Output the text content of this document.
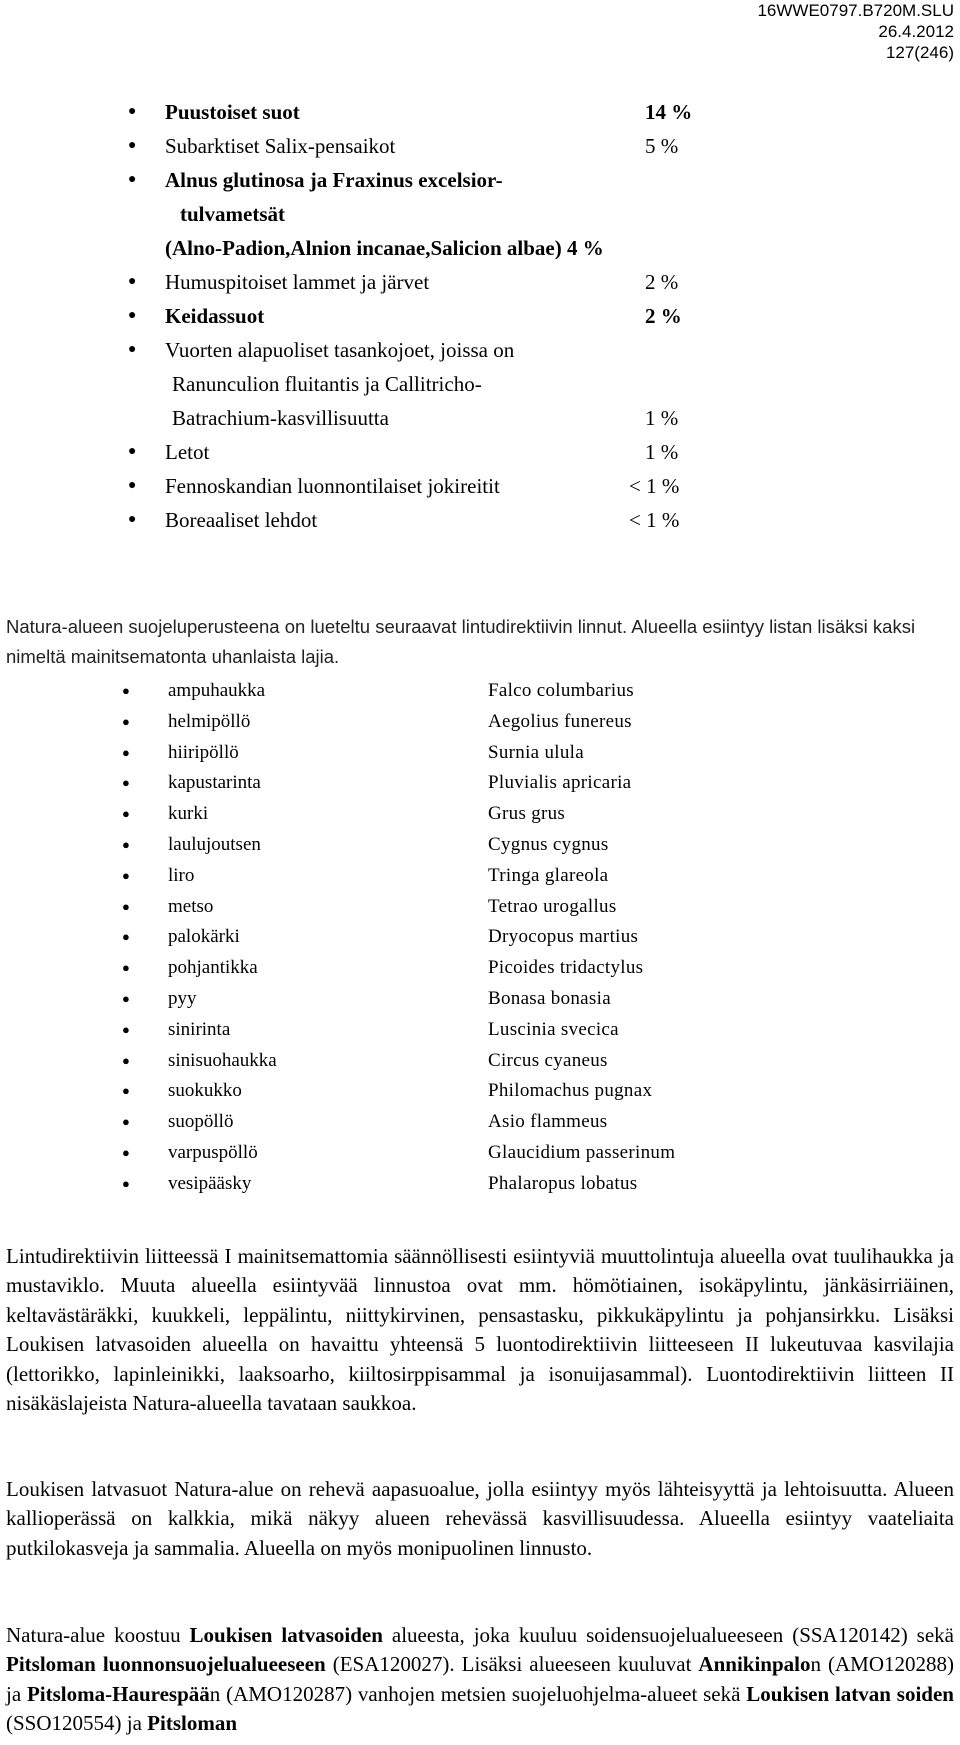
16WWE0797.B720M.SLU
26.4.2012
127(246)
● Puustoiset suot	14 %
● Subarktiset Salix-pensaikot	5 %
● Alnus glutinosa ja Fraxinus excelsior-
tulvametsät
(Alno-Padion,Alnion incanae,Salicion albae) 4 %
● Humuspitoiset lammet ja järvet	2 %
● Keidassuot	2 %
● Vuorten alapuoliset tasankojoet, joissa on
Ranunculion fluitantis ja Callitricho-
Batrachium-kasvillisuutta	1 %
● Letot	1 %
● Fennoskandian luonnontilaiset jokireitit	< 1 %
● Boreaaliset lehdot	< 1 %

Natura-alueen suojeluperusteena on lueteltu seuraavat lintudirektiivin linnut. Alueella esiintyy listan lisäksi kaksi nimeltä mainitsematonta uhanlaista lajia.

● ampuhaukka	Falco columbarius
● helmipöllö	Aegolius funereus
● hiiripöllö	Surnia ulula
● kapustarinta	Pluvialis apricaria
● kurki	Grus grus
● laulujoutsen	Cygnus cygnus
● liro	Tringa glareola
● metso	Tetrao urogallus
● palokärki	Dryocopus martius
● pohjantikka	Picoides tridactylus
● pyy	Bonasa bonasia
● sinirinta	Luscinia svecica
● sinisuohaukka	Circus cyaneus
● suokukko	Philomachus pugnax
● suopöllö	Asio flammeus
● varpuspöllö	Glaucidium passerinum
● vesipääsky	Phalaropus lobatus

Lintudirektiivin liitteessä I mainitsemattomia säännöllisesti esiintyviä muuttolintuja alueella ovat tuulihaukka ja mustaviklo. Muuta alueella esiintyvää linnustoa ovat mm. hömötiainen, isokäpylintu, jänkäsirriäinen, keltavästäräkki, kuukkeli, leppälintu, niittykirvinen, pensastasku, pikkukäpylintu ja pohjansirkku. Lisäksi Loukisen latvasoiden alueella on havaittu yhteensä 5 luontodirektiivin liitteeseen II lukeutuvaa kasvilajia (lettorikko, lapinleinikki, laaksoarho, kiiltosirppisammal ja isonuijasammal). Luontodirektiivin liitteen II nisäkäslajeista Natura-alueella tavataan saukkoa.

Loukisen latvasuot Natura-alue on rehevä aapasuoalue, jolla esiintyy myös lähteisyyttä ja lehtoisuutta. Alueen kallioperässä on kalkkia, mikä näkyy alueen rehevässä kasvillisuudessa. Alueella esiintyy vaateliaita putkilokasveja ja sammalia. Alueella on myös monipuolinen linnusto.

Natura-alue koostuu Loukisen latvasoiden alueesta, joka kuuluu soidensuojelualueeseen (SSA120142) sekä Pitsloman luonnonsuojelualueeseen (ESA120027). Lisäksi alueeseen kuuluvat Annikinpalon (AMO120288) ja Pitsloma-Haurespään (AMO120287) vanhojen metsien suojeluohjelma-alueet sekä Loukisen latvan soiden (SSO120554) ja Pitsloman
